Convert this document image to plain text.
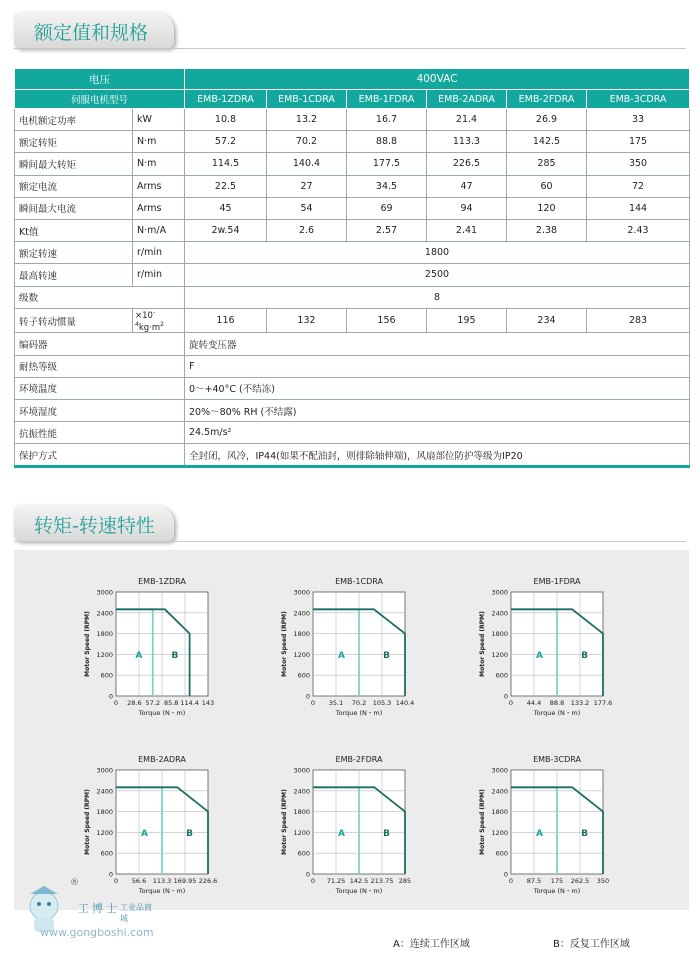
额定值和规格
电压		400VAC					
伺服电机型号		EMB-1ZDRA	EMB-1CDRA	EMB-1FDRA	EMB-2ADRA	EMB-2FDRA	EMB-3CDRA
电机额定功率	kW	10.8	13.2	16.7	21.4	26.9	33
额定转矩	N·m	57.2	70.2	88.8	113.3	142.5	175
瞬间最大转矩	N·m	114.5	140.4	177.5	226.5	285	350
额定电流	Arms	22.5	27	34.5	47	60	72
瞬间最大电流	Arms	45	54	69	94	120	144
Kt值	N·m/A	2w.54	2.6	2.57	2.41	2.38	2.43
额定转速	r/min	1800					
最高转速	r/min	2500					
级数		8					
转子转动惯量	$\times 10^{-4}kg\cdot m^2$	116	132	156	195	234	283
编码器		旋转变压器					
耐热等级		F					
环境温度		0～+40°C (不结冻)					
环境湿度		20%～80% RH (不结露)					
抗振性能		24.5m/s²					
保护方式		全封闭，风冷，IP44(如果不配油封，则排除轴伸端)，风扇部位防护等级为IP20					
转矩-转速特性
0
600
1200
1800
2400
3000
0 28.6 57.2 85.8 114.4 143
A	B
EMB-1ZDRA
Torque (N・m)
Motor Speed (RPM)
0
600
1200
1800
2400
3000
0 35.1 70.2 105.3 140.4
A	B
EMB-1CDRA
Torque (N・m)
Motor Speed (RPM)
0
600
1200
1800
2400
3000
0 44.4 88.8 133.2 177.6
A	B
EMB-1FDRA
Torque (N・m)
Motor Speed (RPM)
0
600
1200
1800
2400
3000
0 56.6 113.3 169.95 226.6
A	B
EMB-2ADRA
Torque (N・m)
Motor Speed (RPM)
0
600
1200
1800
2400
3000
0 71.25 142.5 213.75 285
A	B
EMB-2FDRA
Torque (N・m)
Motor Speed (RPM)
0
600
1200
1800
2400
3000
0 87.5 175 262.5 350
A	B
EMB-3CDRA
Torque (N・m)
Motor Speed (RPM)
®
工博士 工业品商城
www.gongboshi.com
A：连续工作区域	B：反复工作区域
